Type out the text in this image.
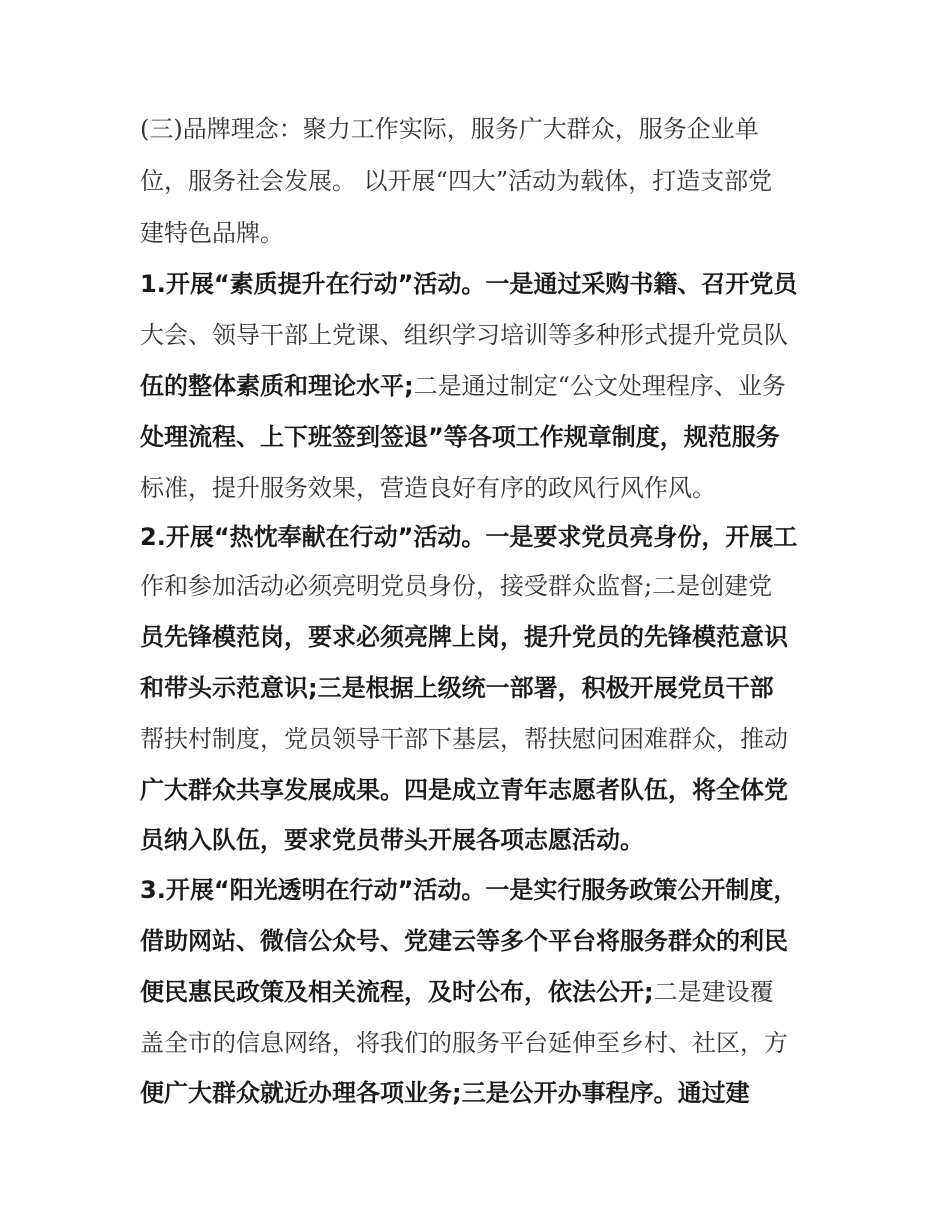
(三)品牌理念：聚力工作实际，服务广大群众，服务企业单
位，服务社会发展。 以开展“四大”活动为载体，打造支部党
建特色品牌。
1.开展“素质提升在行动”活动。一是通过采购书籍、召开党员
大会、领导干部上党课、组织学习培训等多种形式提升党员队
伍的整体素质和理论水平;二是通过制定“公文处理程序、业务
处理流程、上下班签到签退”等各项工作规章制度，规范服务
标准，提升服务效果，营造良好有序的政风行风作风。
2.开展“热忱奉献在行动”活动。一是要求党员亮身份，开展工
作和参加活动必须亮明党员身份，接受群众监督;二是创建党
员先锋模范岗，要求必须亮牌上岗，提升党员的先锋模范意识
和带头示范意识;三是根据上级统一部署，积极开展党员干部
帮扶村制度，党员领导干部下基层，帮扶慰问困难群众，推动
广大群众共享发展成果。四是成立青年志愿者队伍，将全体党
员纳入队伍，要求党员带头开展各项志愿活动。
3.开展“阳光透明在行动”活动。一是实行服务政策公开制度，
借助网站、微信公众号、党建云等多个平台将服务群众的利民
便民惠民政策及相关流程，及时公布，依法公开;二是建设覆
盖全市的信息网络，将我们的服务平台延伸至乡村、社区，方
便广大群众就近办理各项业务;三是公开办事程序。通过建
